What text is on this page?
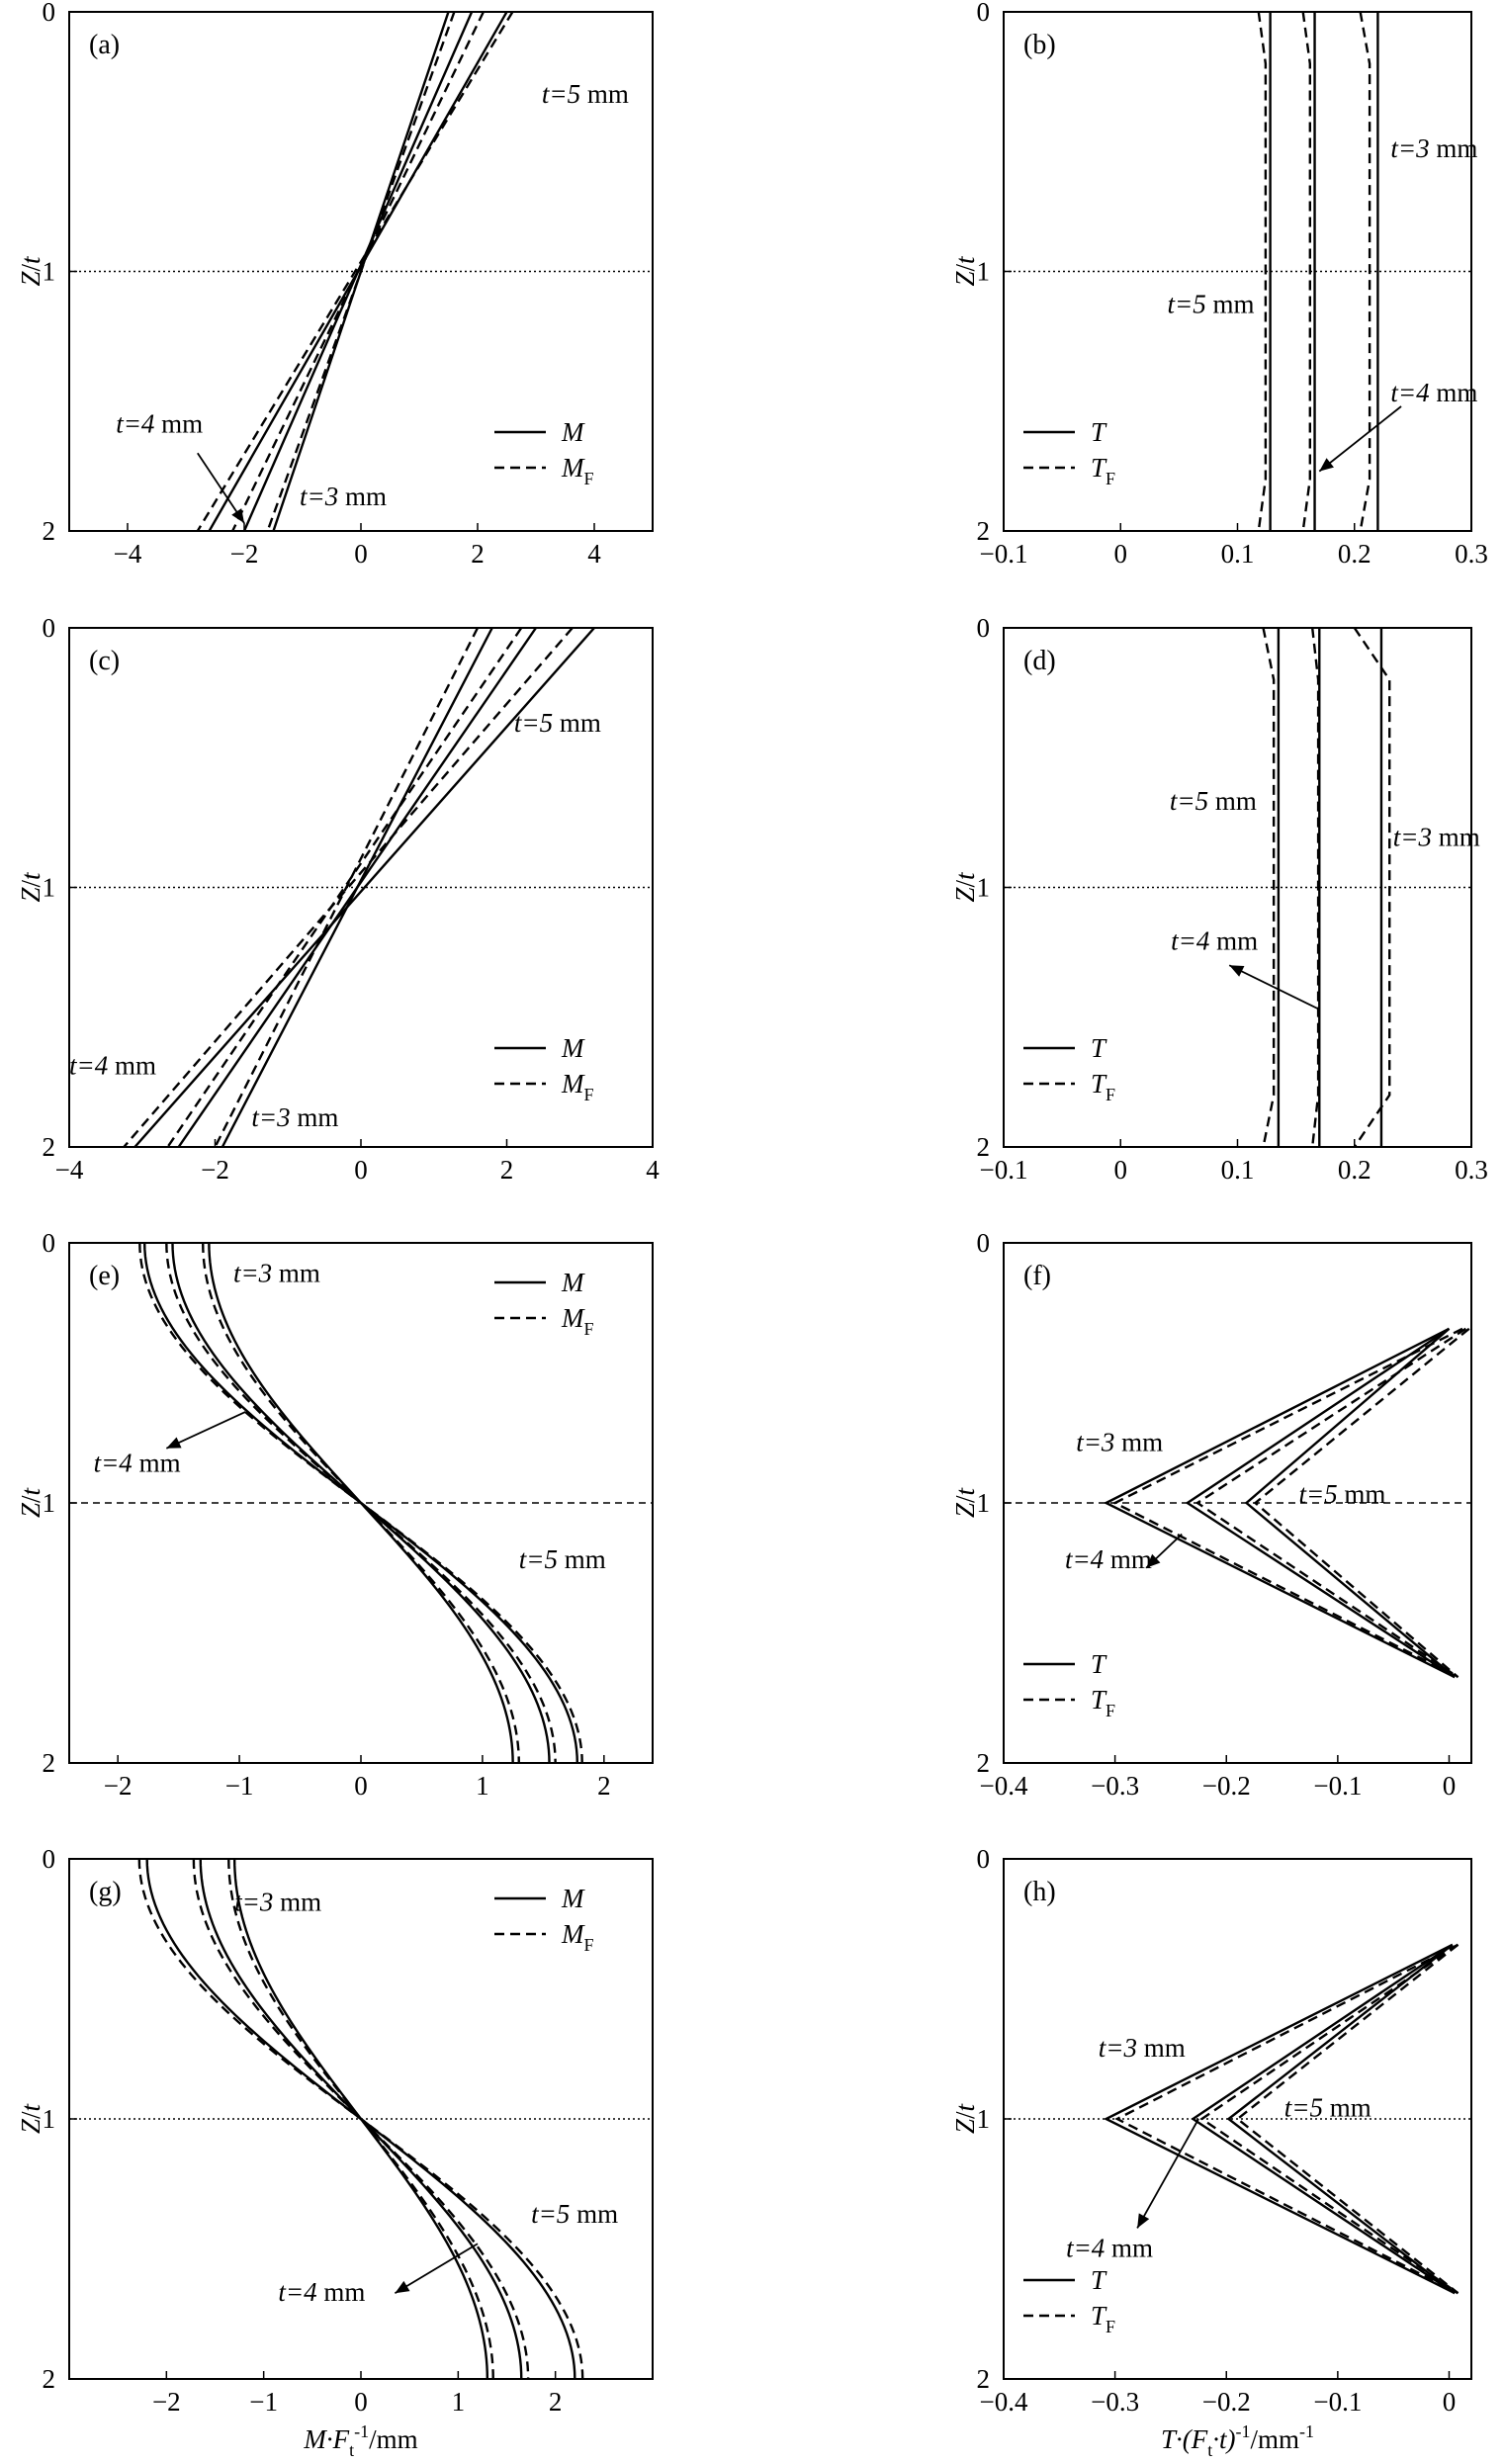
−4	−2	0	2	4
0
1
2
Z/t
t=5 mm
t=4 mm
t=3 mm
(a)
M
$M_F$
−0.1	0	0.1	0.2	0.3
0
1
2
Z/t
t=3 mm
t=5 mm
t=4 mm
(b)
T
$T_F$
−4	−2	0	2	4
0
1
2
Z/t
t=5 mm
t=4 mm
t=3 mm
(c)
M
$M_F$
−0.1	0	0.1	0.2	0.3
0
1
2
Z/t
t=5 mm
t=3 mm
t=4 mm
(d)
T
$T_F$
−2	−1	0	1	2
0
1
2
Z/t
t=3 mm
t=4 mm
t=5 mm
(e)	M
$M_F$
−0.4 −0.3 −0.2 −0.1	0
0
1
2
Z/t
t=3 mm
t=5 mm
t=4 mm
(f)
T
$T_F$
−2	−1	0	1	2
0
1
2
Z/t
$M\cdot F_t^{-1}/mm$
t=3 mm
t=5 mm
t=4 mm
(g)	M
$M_F$
−0.4 −0.3 −0.2 −0.1	0
0
1
2
Z/t
$T\cdot(F_t\cdot t)^{-1}/mm^{-1}$
t=3 mm
t=5 mm
t=4 mm
(h)
T
$T_F$
